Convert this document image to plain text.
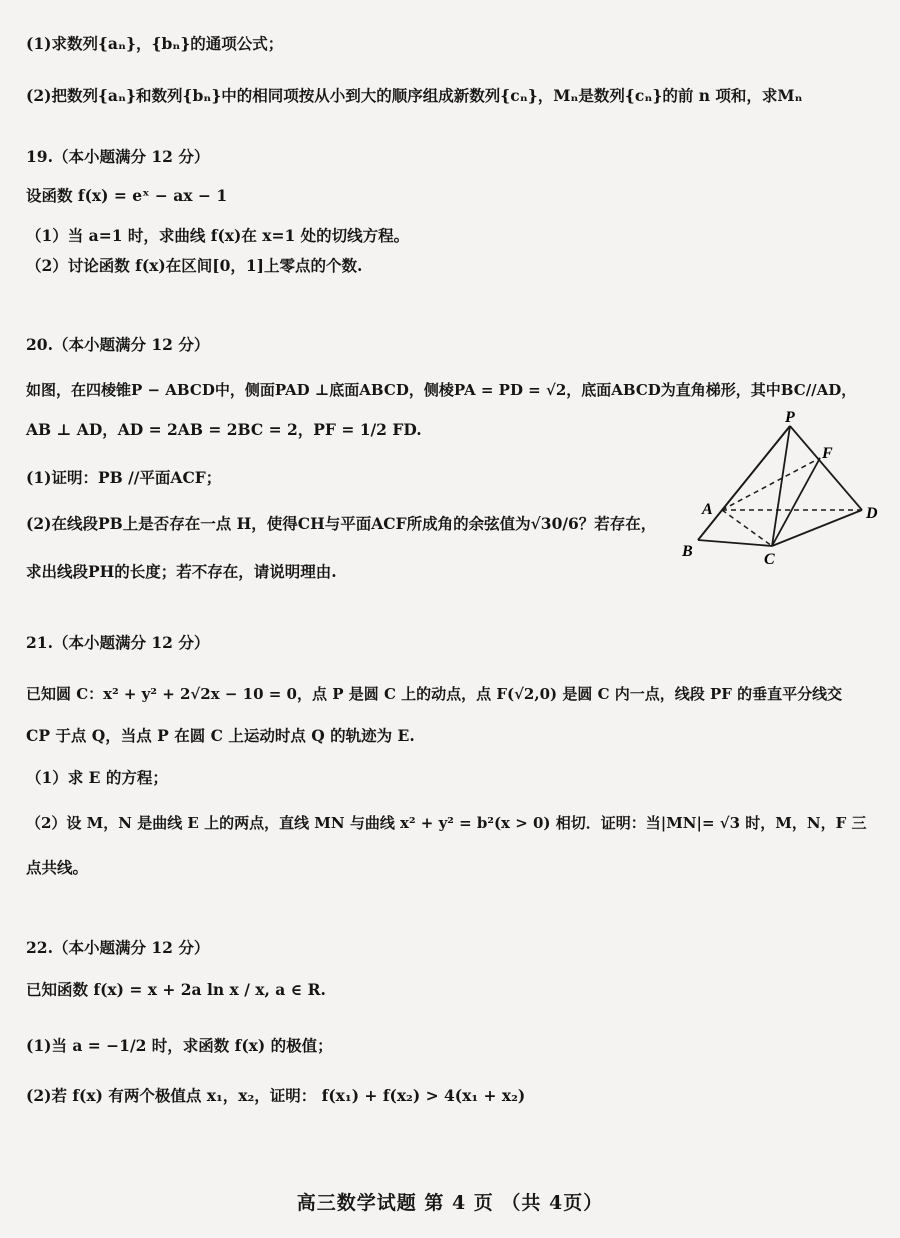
(1)求数列{aₙ}，{bₙ}的通项公式；
(2)把数列{aₙ}和数列{bₙ}中的相同项按从小到大的顺序组成新数列{cₙ}，Mₙ是数列{cₙ}的前 n 项和，求Mₙ
19.（本小题满分 12 分）
设函数 f(x) = eˣ − ax − 1
（1）当 a=1 时，求曲线 f(x)在 x=1 处的切线方程。
（2）讨论函数 f(x)在区间[0，1]上零点的个数.
20.（本小题满分 12 分）
如图，在四棱锥P − ABCD中，侧面PAD ⊥底面ABCD，侧棱PA = PD = √2，底面ABCD为直角梯形，其中BC//AD，
AB ⊥ AD，AD = 2AB = 2BC = 2，PF = 1/2 FD.
(1)证明：PB //平面ACF；
(2)在线段PB上是否存在一点 H，使得CH与平面ACF所成角的余弦值为√30/6？若存在，
求出线段PH的长度；若不存在，请说明理由.
P
F
A	D
B	C
21.（本小题满分 12 分）
已知圆 C：x² + y² + 2√2x − 10 = 0，点 P 是圆 C 上的动点，点 F(√2,0) 是圆 C 内一点，线段 PF 的垂直平分线交
CP 于点 Q，当点 P 在圆 C 上运动时点 Q 的轨迹为 E.
（1）求 E 的方程；
（2）设 M，N 是曲线 E 上的两点，直线 MN 与曲线 x² + y² = b²(x > 0) 相切．证明：当|MN|= √3 时，M，N，F 三
点共线。
22.（本小题满分 12 分）
已知函数 f(x) = x + 2a ln x / x, a ∈ R.
(1)当 a = −1/2 时，求函数 f(x) 的极值；
(2)若 f(x) 有两个极值点 x₁，x₂，证明： f(x₁) + f(x₂) > 4(x₁ + x₂)
高三数学试题 第 4 页 （共 4页）
